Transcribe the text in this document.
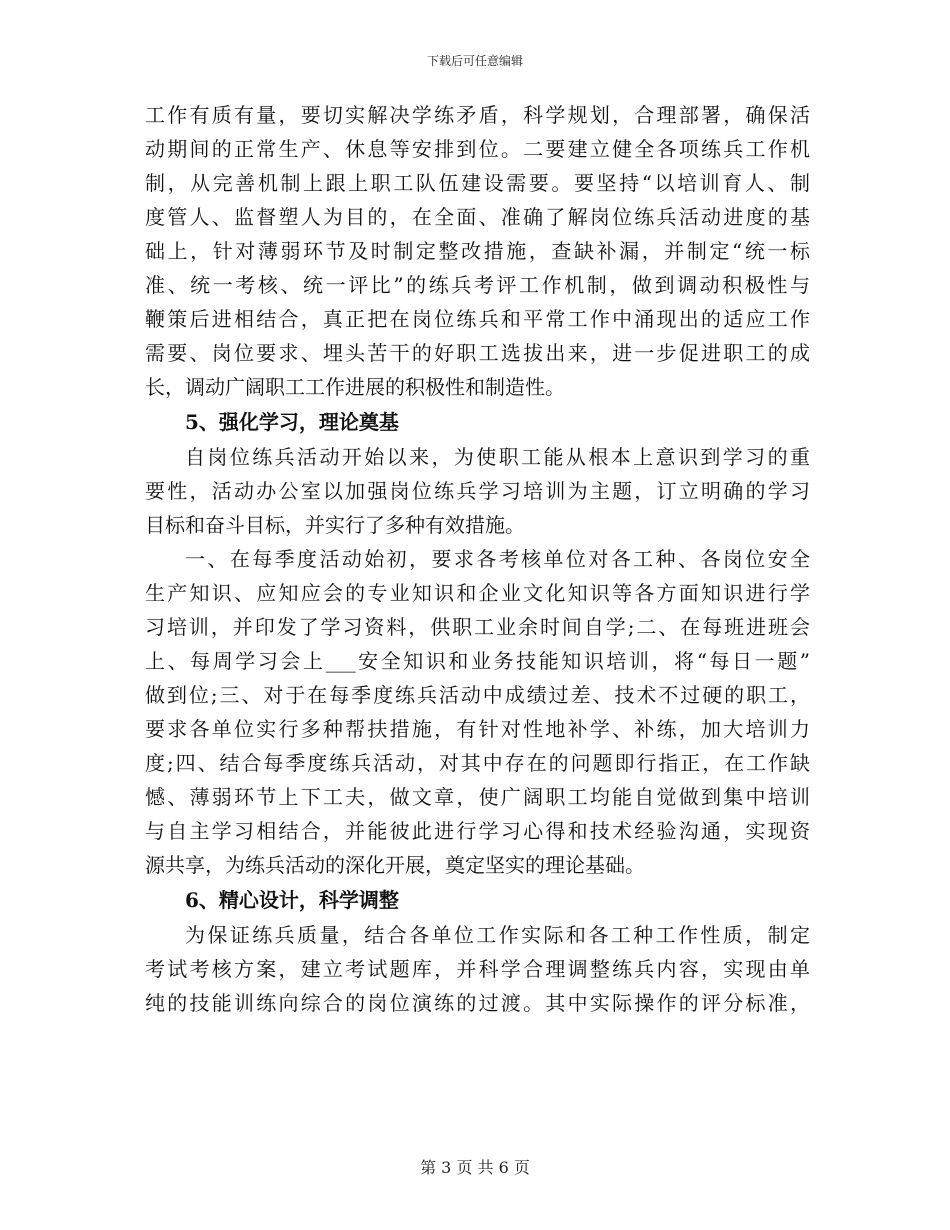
下载后可任意编辑
工作有质有量，要切实解决学练矛盾，科学规划，合理部署，确保活
动期间的正常生产、休息等安排到位。二要建立健全各项练兵工作机
制，从完善机制上跟上职工队伍建设需要。要坚持“以培训育人、制
度管人、监督塑人为目的，在全面、准确了解岗位练兵活动进度的基
础上，针对薄弱环节及时制定整改措施，查缺补漏，并制定“统一标
准、统一考核、统一评比”的练兵考评工作机制，做到调动积极性与
鞭策后进相结合，真正把在岗位练兵和平常工作中涌现出的适应工作
需要、岗位要求、埋头苦干的好职工选拔出来，进一步促进职工的成
长，调动广阔职工工作进展的积极性和制造性。
5、强化学习，理论奠基
自岗位练兵活动开始以来，为使职工能从根本上意识到学习的重
要性，活动办公室以加强岗位练兵学习培训为主题，订立明确的学习
目标和奋斗目标，并实行了多种有效措施。
一、在每季度活动始初，要求各考核单位对各工种、各岗位安全
生产知识、应知应会的专业知识和企业文化知识等各方面知识进行学
习培训，并印发了学习资料，供职工业余时间自学;二、在每班进班会
上、每周学习会上___安全知识和业务技能知识培训，将“每日一题”
做到位;三、对于在每季度练兵活动中成绩过差、技术不过硬的职工，
要求各单位实行多种帮扶措施，有针对性地补学、补练，加大培训力
度;四、结合每季度练兵活动，对其中存在的问题即行指正，在工作缺
憾、薄弱环节上下工夫，做文章，使广阔职工均能自觉做到集中培训
与自主学习相结合，并能彼此进行学习心得和技术经验沟通，实现资
源共享，为练兵活动的深化开展，奠定坚实的理论基础。
6、精心设计，科学调整
为保证练兵质量，结合各单位工作实际和各工种工作性质，制定
考试考核方案，建立考试题库，并科学合理调整练兵内容，实现由单
纯的技能训练向综合的岗位演练的过渡。其中实际操作的评分标准，
第 3 页 共 6 页
